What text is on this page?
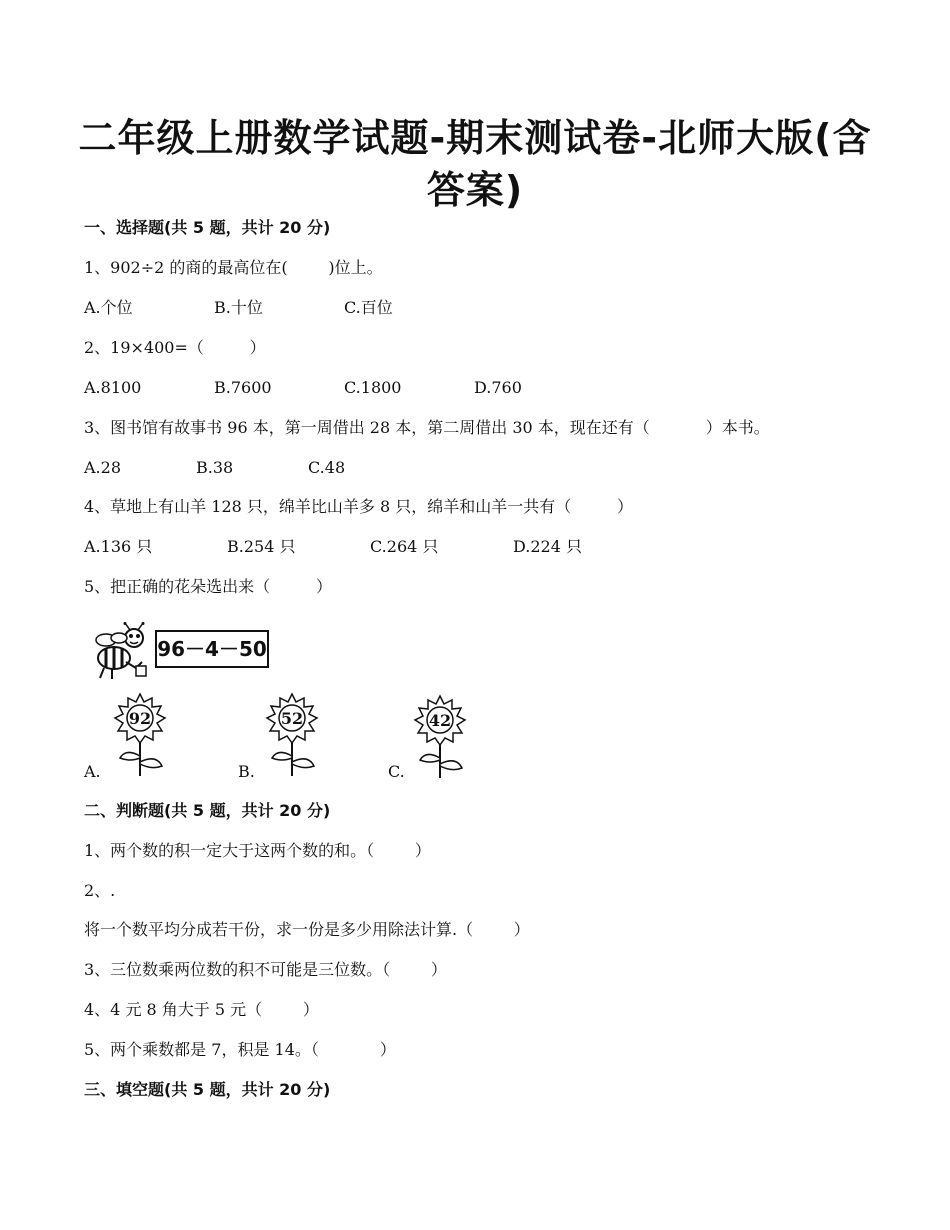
二年级上册数学试题-期末测试卷-北师大版(含
答案)
一、选择题(共 5 题，共计 20 分)
1、902÷2 的商的最高位在(        )位上。
A.个位	B.十位	C.百位
2、19×400=（         ）
A.8100	B.7600	C.1800	D.760
3、图书馆有故事书 96 本，第一周借出 28 本，第二周借出 30 本，现在还有（           ）本书。
A.28	B.38	C.48
4、草地上有山羊 128 只，绵羊比山羊多 8 只，绵羊和山羊一共有（         ）
A.136 只	B.254 只	C.264 只	D.224 只
5、把正确的花朵选出来（         ）
96－4－50
A.
92
B.
52
C.
42
二、判断题(共 5 题，共计 20 分)
1、两个数的积一定大于这两个数的和。（        ）
2、.
将一个数平均分成若干份，求一份是多少用除法计算.（        ）
3、三位数乘两位数的积不可能是三位数。（        ）
4、4 元 8 角大于 5 元（        ）
5、两个乘数都是 7，积是 14。（            ）
三、填空题(共 5 题，共计 20 分)
